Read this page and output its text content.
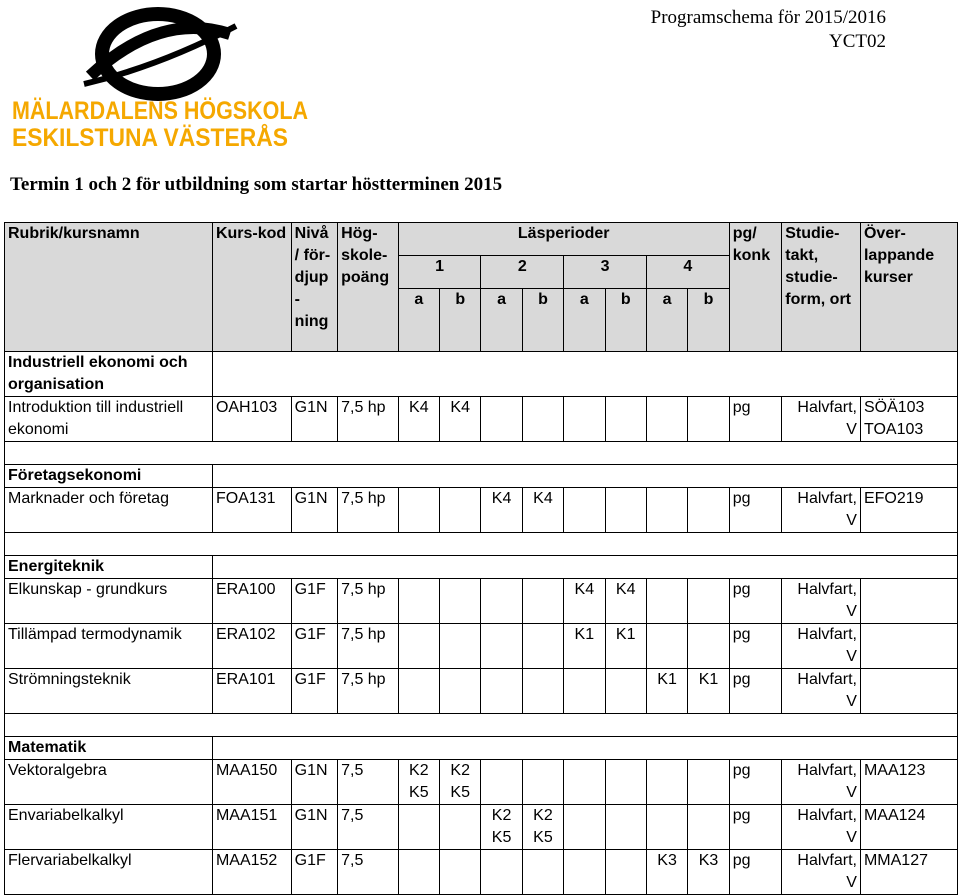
MÄLARDALENS HÖGSKOLA
ESKILSTUNA VÄSTERÅS
Programschema för 2015/2016
YCT02
Termin 1 och 2 för utbildning som startar höstterminen 2015
Rubrik/kursnamn	Kurs-kod	Nivå / för-djup - ning	Hög-skole-poäng	Läsperioder								pg/ konk	Studie-takt, studie-form, ort	Över-lappande kurser
				1		2		3		4				
				a	b	a	b	a	b	a	b			
Industriell ekonomi och organisation														
Introduktion till industriell ekonomi	OAH103	G1N	7,5 hp	K4	K4							pg	Halvfart, V	SÖÄ103 TOA103

Företagsekonomi														
Marknader och företag	FOA131	G1N	7,5 hp			K4	K4					pg	Halvfart, V	EFO219

Energiteknik														
Elkunskap - grundkurs	ERA100	G1F	7,5 hp					K4	K4			pg	Halvfart, V	
Tillämpad termodynamik	ERA102	G1F	7,5 hp					K1	K1			pg	Halvfart, V	
Strömningsteknik	ERA101	G1F	7,5 hp							K1	K1	pg	Halvfart, V	

Matematik														
Vektoralgebra	MAA150	G1N	7,5	K2 K5	K2 K5							pg	Halvfart, V	MAA123
Envariabelkalkyl	MAA151	G1N	7,5			K2 K5	K2 K5					pg	Halvfart, V	MAA124
Flervariabelkalkyl	MAA152	G1F	7,5							K3	K3	pg	Halvfart, V	MMA127
